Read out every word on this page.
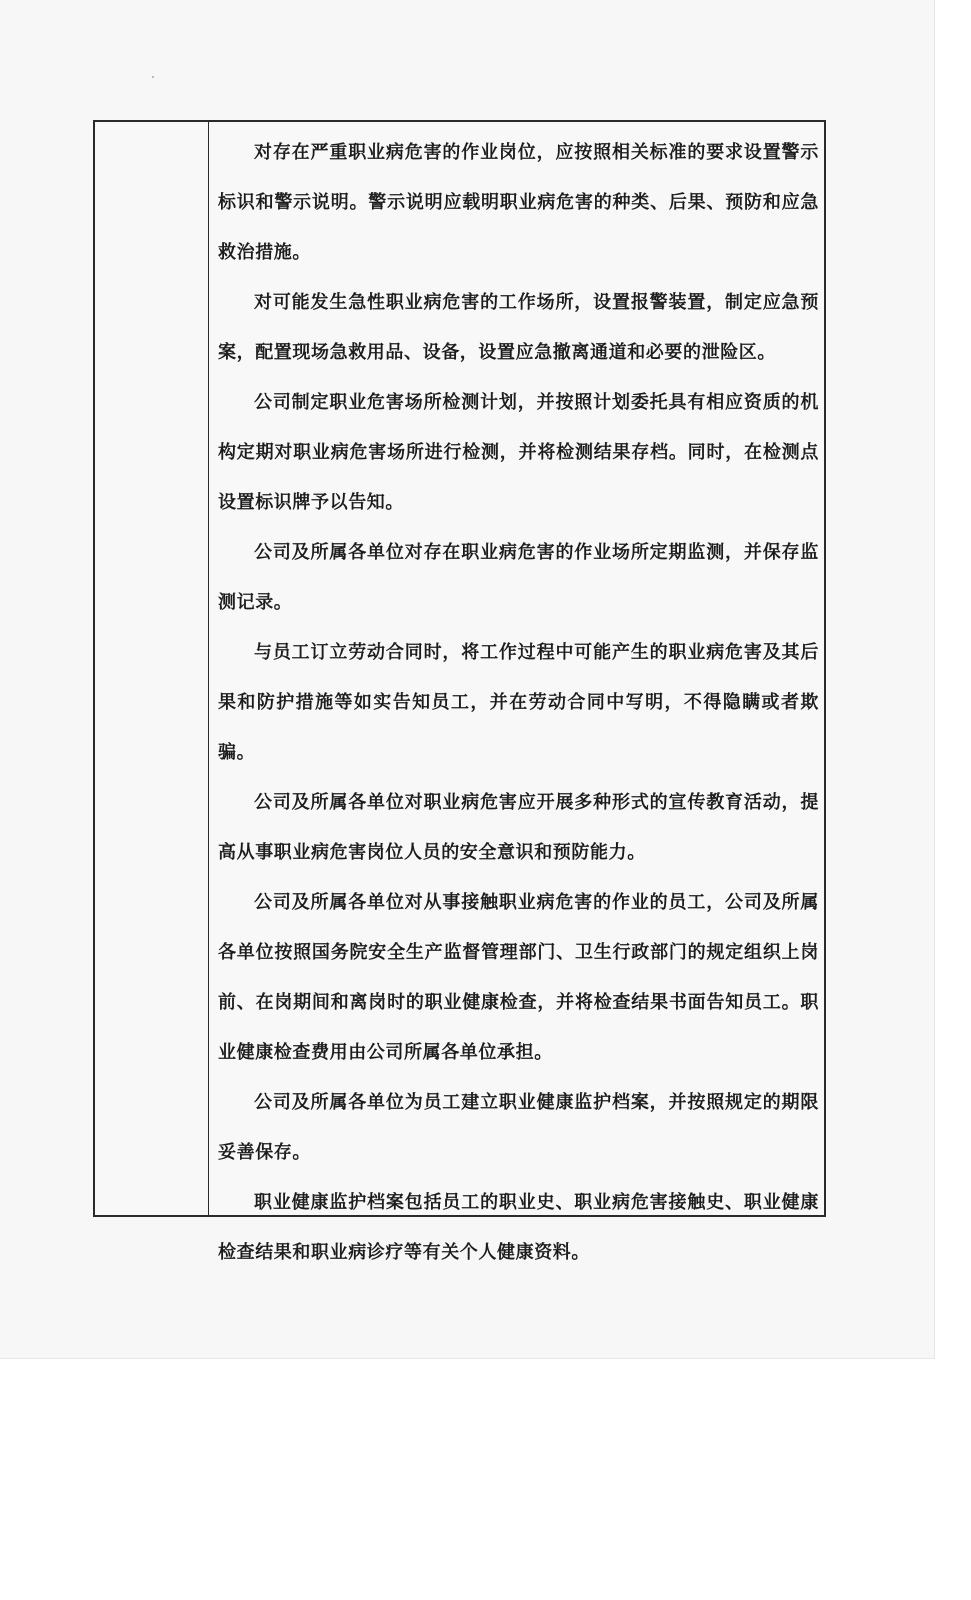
对存在严重职业病危害的作业岗位，应按照相关标准的要求设置警示标识和警示说明。警示说明应载明职业病危害的种类、后果、预防和应急救治措施。

对可能发生急性职业病危害的工作场所，设置报警装置，制定应急预案，配置现场急救用品、设备，设置应急撤离通道和必要的泄险区。

公司制定职业危害场所检测计划，并按照计划委托具有相应资质的机构定期对职业病危害场所进行检测，并将检测结果存档。同时，在检测点设置标识牌予以告知。

公司及所属各单位对存在职业病危害的作业场所定期监测，并保存监测记录。

与员工订立劳动合同时，将工作过程中可能产生的职业病危害及其后果和防护措施等如实告知员工，并在劳动合同中写明，不得隐瞒或者欺骗。

公司及所属各单位对职业病危害应开展多种形式的宣传教育活动，提高从事职业病危害岗位人员的安全意识和预防能力。

公司及所属各单位对从事接触职业病危害的作业的员工，公司及所属各单位按照国务院安全生产监督管理部门、卫生行政部门的规定组织上岗前、在岗期间和离岗时的职业健康检查，并将检查结果书面告知员工。职业健康检查费用由公司所属各单位承担。

公司及所属各单位为员工建立职业健康监护档案，并按照规定的期限妥善保存。

职业健康监护档案包括员工的职业史、职业病危害接触史、职业健康检查结果和职业病诊疗等有关个人健康资料。
